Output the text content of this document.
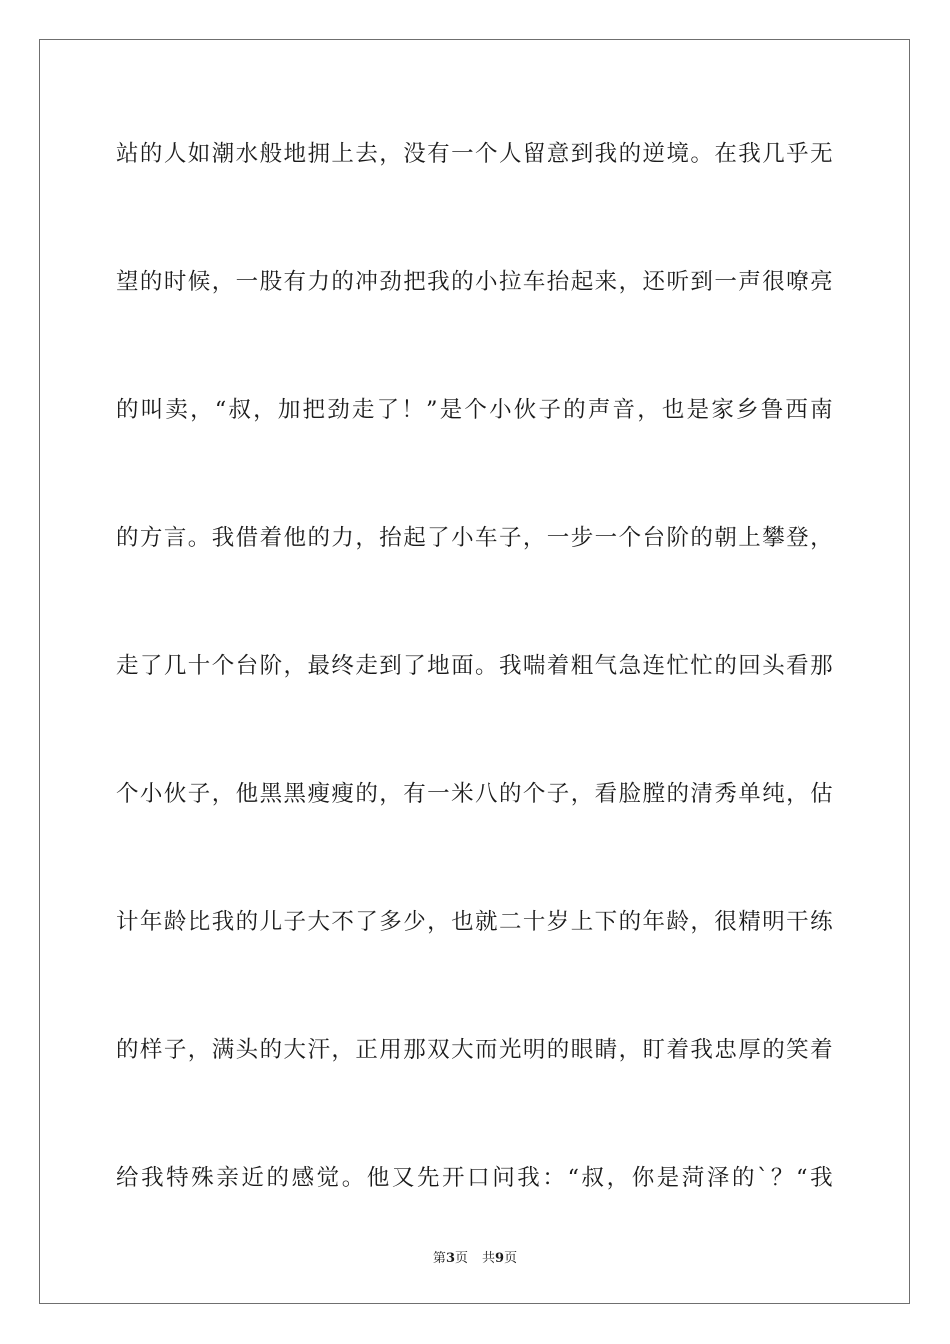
站的人如潮水般地拥上去，没有一个人留意到我的逆境。在我几乎无
望的时候，一股有力的冲劲把我的小拉车抬起来，还听到一声很嘹亮
的叫卖，“叔，加把劲走了！”是个小伙子的声音，也是家乡鲁西南
的方言。我借着他的力，抬起了小车子，一步一个台阶的朝上攀登，
走了几十个台阶，最终走到了地面。我喘着粗气急连忙忙的回头看那
个小伙子，他黑黑瘦瘦的，有一米八的个子，看脸膛的清秀单纯，估
计年龄比我的儿子大不了多少，也就二十岁上下的年龄，很精明干练
的样子，满头的大汗，正用那双大而光明的眼睛，盯着我忠厚的笑着
给我特殊亲近的感觉。他又先开口问我：“叔，你是菏泽的`？“我
第3页 共9页
